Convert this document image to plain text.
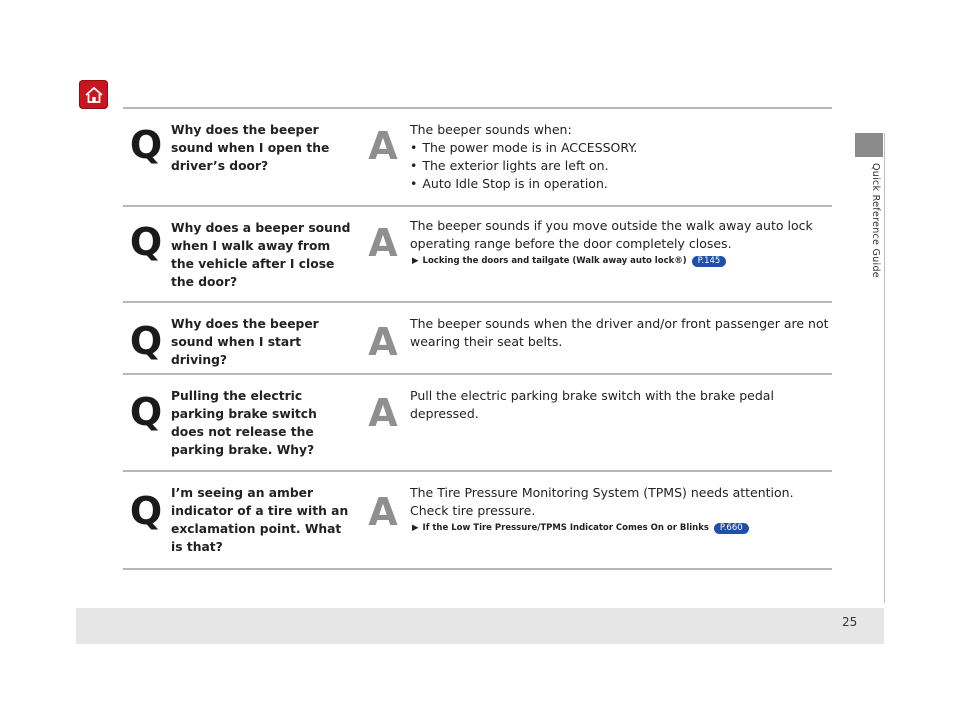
Quick Reference Guide
Q Why does the beeper sound when I open the driver’s door?	A The beeper sounds when:
• The power mode is in ACCESSORY.
• The exterior lights are left on.
• Auto Idle Stop is in operation.
Q Why does a beeper sound when I walk away from the vehicle after I close the door?
A The beeper sounds if you move outside the walk away auto lock operating range before the door completely closes.
▶ Locking the doors and tailgate (Walk away auto lock®) P.145
Q Why does the beeper sound when I start driving?	A The beeper sounds when the driver and/or front passenger are not wearing their seat belts.
Q Pulling the electric parking brake switch does not release the parking brake. Why?
A Pull the electric parking brake switch with the brake pedal depressed.
Q I’m seeing an amber indicator of a tire with an exclamation point. What is that?
A The Tire Pressure Monitoring System (TPMS) needs attention. Check tire pressure.
▶ If the Low Tire Pressure/TPMS Indicator Comes On or Blinks P.660
25
